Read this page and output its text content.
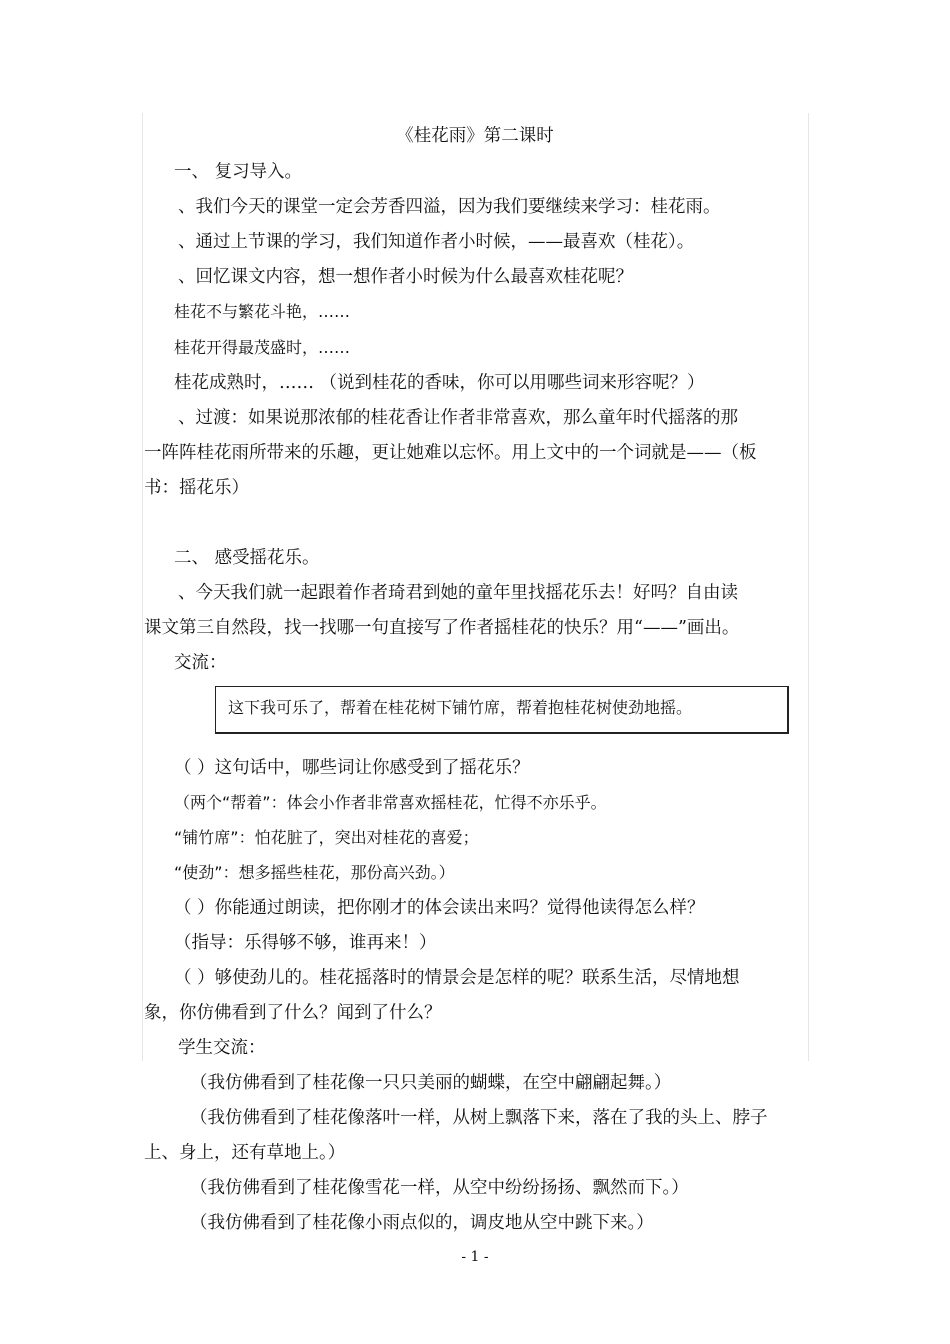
《桂花雨》第二课时
一、 复习导入。
、我们今天的课堂一定会芳香四溢，因为我们要继续来学习：桂花雨。
、通过上节课的学习，我们知道作者小时候，——最喜欢（桂花）。
、回忆课文内容，想一想作者小时候为什么最喜欢桂花呢？
桂花不与繁花斗艳，……
桂花开得最茂盛时，……
桂花成熟时，…… （说到桂花的香味，你可以用哪些词来形容呢？）
、过渡：如果说那浓郁的桂花香让作者非常喜欢，那么童年时代摇落的那
一阵阵桂花雨所带来的乐趣，更让她难以忘怀。用上文中的一个词就是——（板
书：摇花乐）
二、 感受摇花乐。
、今天我们就一起跟着作者琦君到她的童年里找摇花乐去！好吗？自由读
课文第三自然段，找一找哪一句直接写了作者摇桂花的快乐？用“——”画出。
交流：
这下我可乐了，帮着在桂花树下铺竹席，帮着抱桂花树使劲地摇。
（ ）这句话中，哪些词让你感受到了摇花乐？
（两个“帮着”：体会小作者非常喜欢摇桂花，忙得不亦乐乎。
“铺竹席”：怕花脏了，突出对桂花的喜爱；
“使劲”：想多摇些桂花，那份高兴劲。）
（ ）你能通过朗读，把你刚才的体会读出来吗？觉得他读得怎么样？
（指导：乐得够不够，谁再来！）
（ ）够使劲儿的。桂花摇落时的情景会是怎样的呢？联系生活，尽情地想
象，你仿佛看到了什么？闻到了什么？
学生交流：
（我仿佛看到了桂花像一只只美丽的蝴蝶，在空中翩翩起舞。）
（我仿佛看到了桂花像落叶一样，从树上飘落下来，落在了我的头上、脖子
上、身上，还有草地上。）
（我仿佛看到了桂花像雪花一样，从空中纷纷扬扬、飘然而下。）
（我仿佛看到了桂花像小雨点似的，调皮地从空中跳下来。）
- 1 -
